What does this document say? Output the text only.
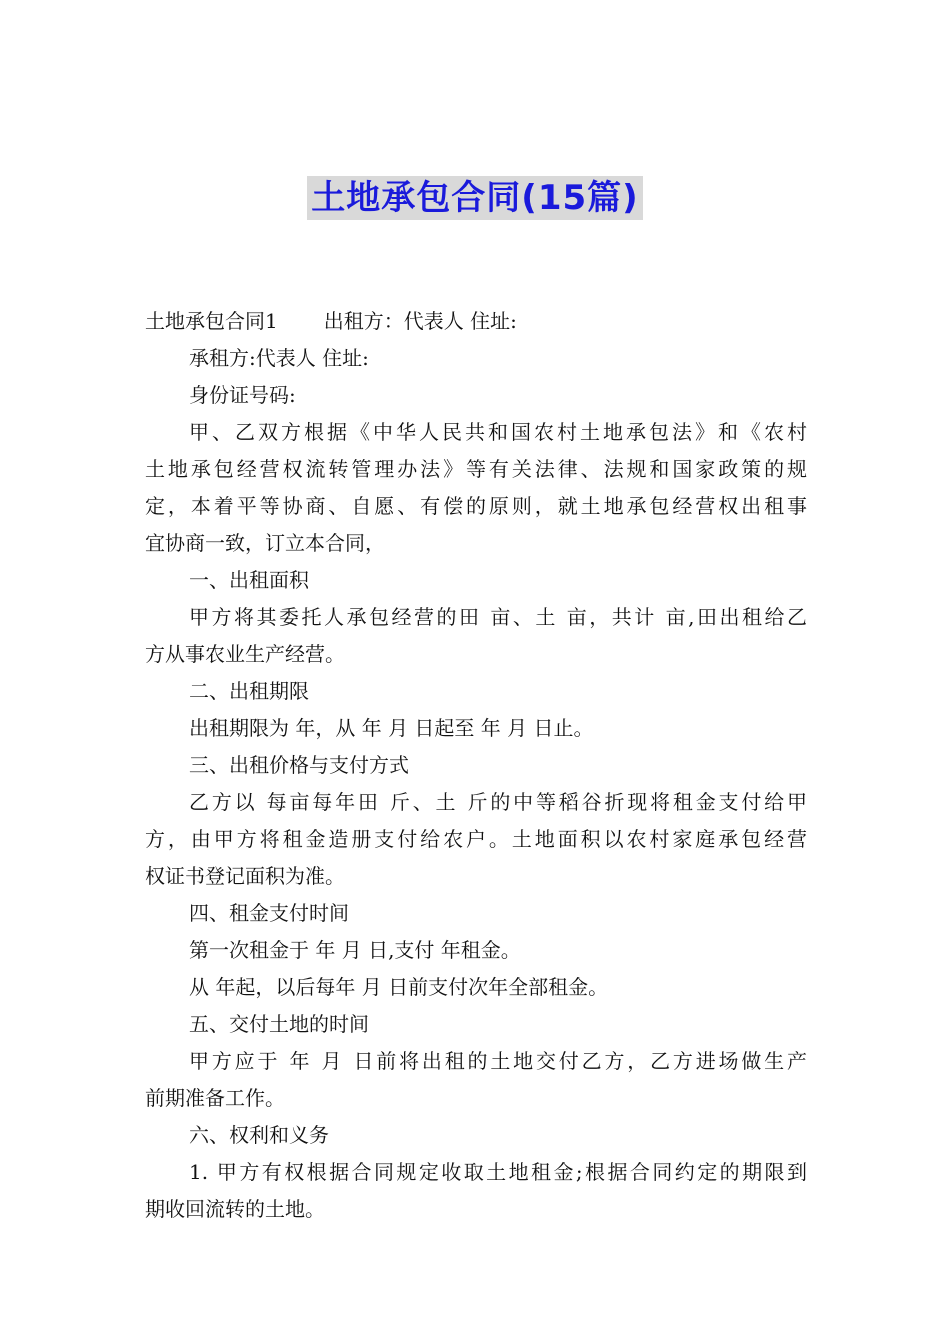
土地承包合同(15篇)
土地承包合同1 出租方：代表人 住址:
承租方:代表人 住址:
身份证号码:
甲、乙双方根据《中华人民共和国农村土地承包法》和《农村
土地承包经营权流转管理办法》等有关法律、法规和国家政策的规
定，本着平等协商、自愿、有偿的原则，就土地承包经营权出租事
宜协商一致，订立本合同，
一、出租面积
甲方将其委托人承包经营的田 亩、土 亩，共计 亩,田出租给乙
方从事农业生产经营。
二、出租期限
出租期限为 年，从 年 月 日起至 年 月 日止。
三、出租价格与支付方式
乙方以 每亩每年田 斤、土 斤的中等稻谷折现将租金支付给甲
方，由甲方将租金造册支付给农户。土地面积以农村家庭承包经营
权证书登记面积为准。
四、租金支付时间
第一次租金于 年 月 日,支付 年租金。
从 年起，以后每年 月 日前支付次年全部租金。
五、交付土地的时间
甲方应于 年 月 日前将出租的土地交付乙方，乙方进场做生产
前期准备工作。
六、权利和义务
1. 甲方有权根据合同规定收取土地租金;根据合同约定的期限到
期收回流转的土地。
